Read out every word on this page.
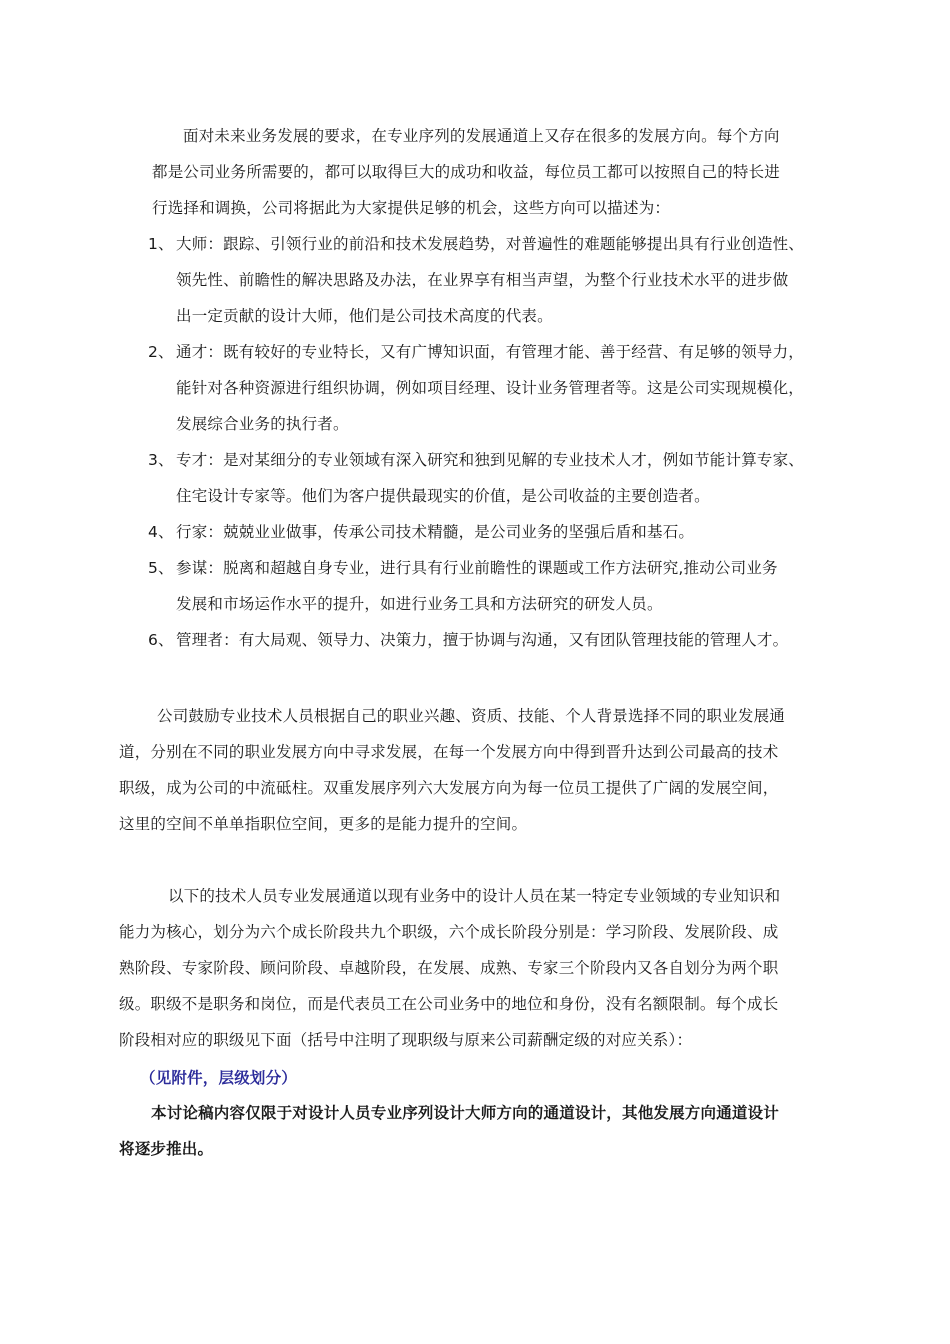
面对未来业务发展的要求，在专业序列的发展通道上又存在很多的发展方向。每个方向
都是公司业务所需要的，都可以取得巨大的成功和收益，每位员工都可以按照自己的特长进
行选择和调换，公司将据此为大家提供足够的机会，这些方向可以描述为：
1、 大师：跟踪、引领行业的前沿和技术发展趋势，对普遍性的难题能够提出具有行业创造性、
领先性、前瞻性的解决思路及办法，在业界享有相当声望，为整个行业技术水平的进步做
出一定贡献的设计大师，他们是公司技术高度的代表。
2、 通才：既有较好的专业特长，又有广博知识面，有管理才能、善于经营、有足够的领导力，
能针对各种资源进行组织协调，例如项目经理、设计业务管理者等。这是公司实现规模化，
发展综合业务的执行者。
3、 专才：是对某细分的专业领域有深入研究和独到见解的专业技术人才，例如节能计算专家、
住宅设计专家等。他们为客户提供最现实的价值，是公司收益的主要创造者。
4、 行家：兢兢业业做事，传承公司技术精髓，是公司业务的坚强后盾和基石。
5、 参谋：脱离和超越自身专业，进行具有行业前瞻性的课题或工作方法研究,推动公司业务
发展和市场运作水平的提升，如进行业务工具和方法研究的研发人员。
6、 管理者：有大局观、领导力、决策力，擅于协调与沟通，又有团队管理技能的管理人才。
公司鼓励专业技术人员根据自己的职业兴趣、资质、技能、个人背景选择不同的职业发展通
道，分别在不同的职业发展方向中寻求发展，在每一个发展方向中得到晋升达到公司最高的技术
职级，成为公司的中流砥柱。双重发展序列六大发展方向为每一位员工提供了广阔的发展空间，
这里的空间不单单指职位空间，更多的是能力提升的空间。
以下的技术人员专业发展通道以现有业务中的设计人员在某一特定专业领域的专业知识和
能力为核心，划分为六个成长阶段共九个职级，六个成长阶段分别是：学习阶段、发展阶段、成
熟阶段、专家阶段、顾问阶段、卓越阶段，在发展、成熟、专家三个阶段内又各自划分为两个职
级。职级不是职务和岗位，而是代表员工在公司业务中的地位和身份，没有名额限制。每个成长
阶段相对应的职级见下面（括号中注明了现职级与原来公司薪酬定级的对应关系）：
（见附件，层级划分）
本讨论稿内容仅限于对设计人员专业序列设计大师方向的通道设计，其他发展方向通道设计
将逐步推出。
